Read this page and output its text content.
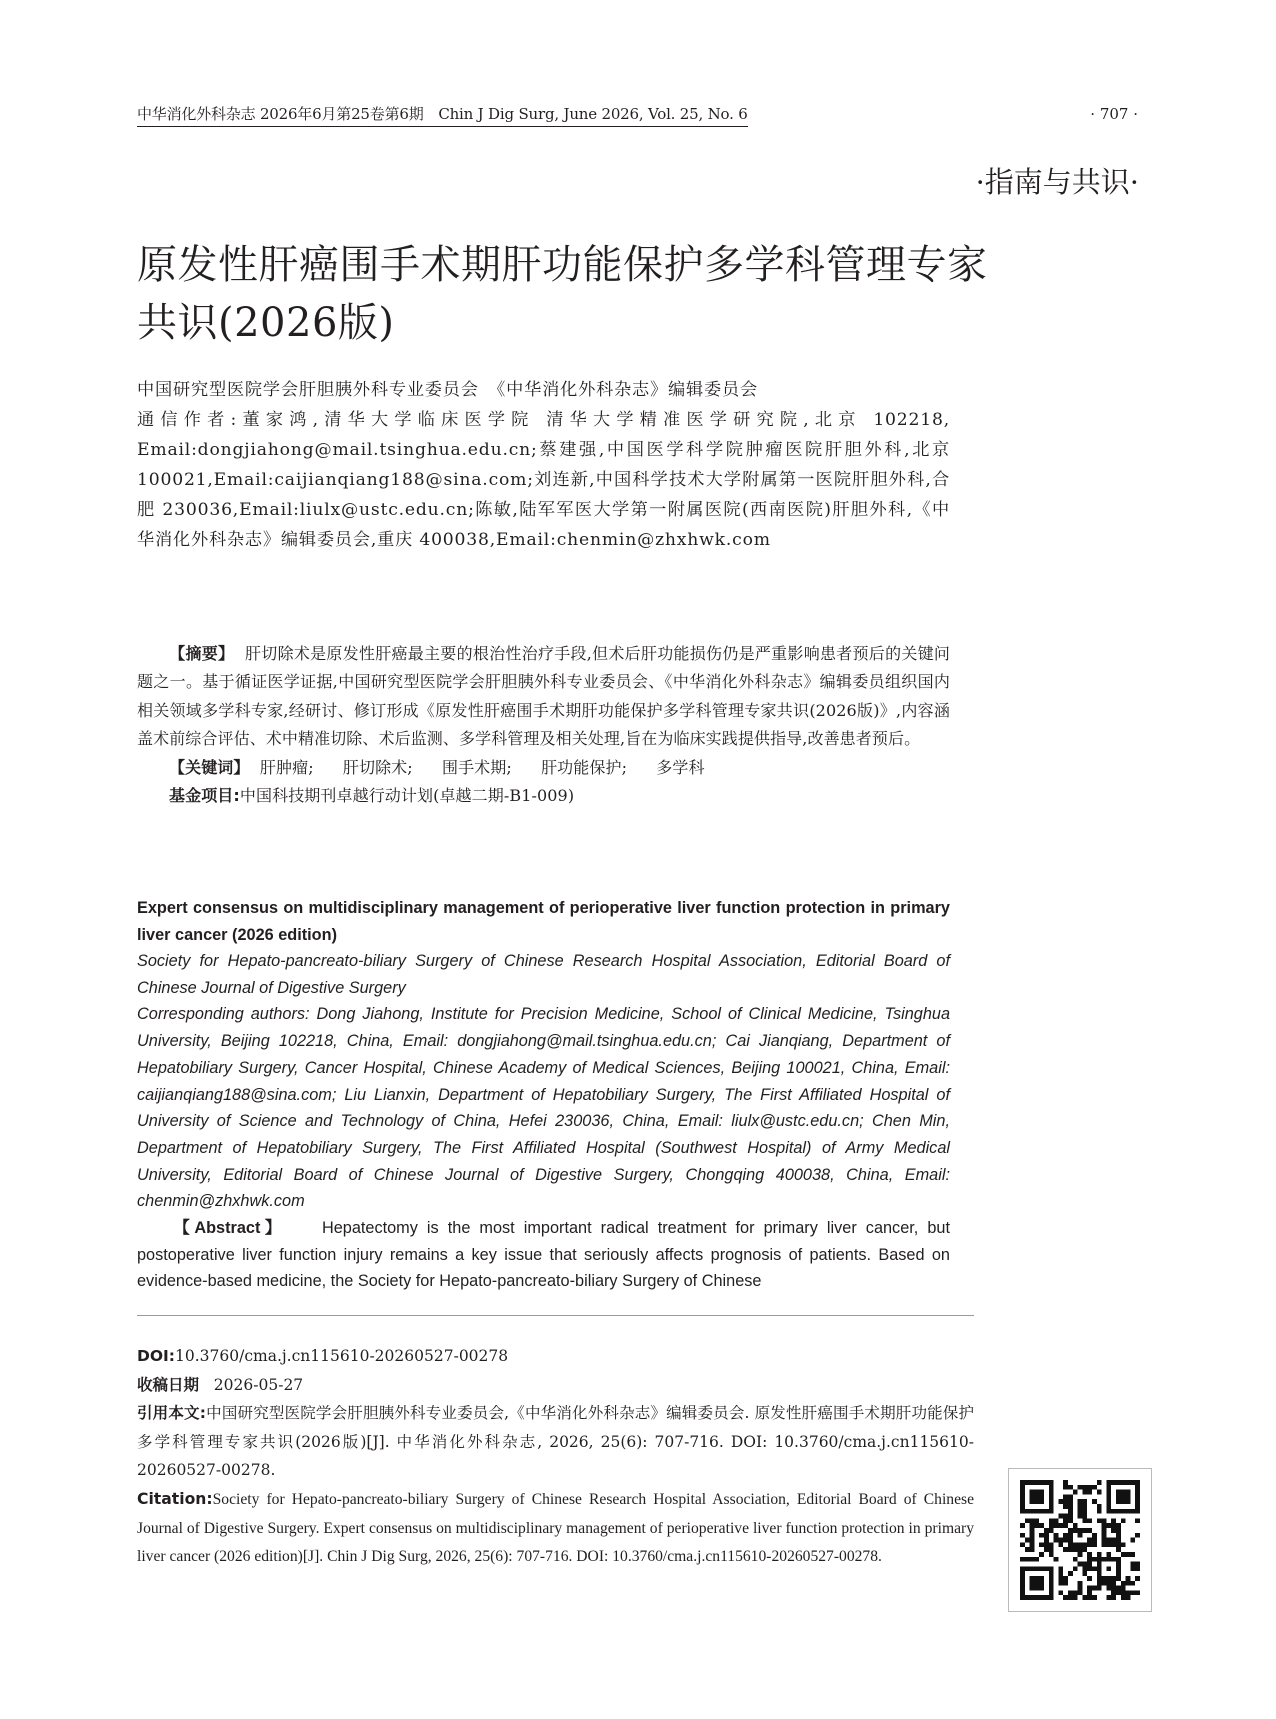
中华消化外科杂志 2026年6月第25卷第6期　Chin J Dig Surg, June 2026, Vol. 25, No. 6	· 707 ·
·指南与共识·
原发性肝癌围手术期肝功能保护多学科管理专家共识(2026版)
中国研究型医院学会肝胆胰外科专业委员会　《中华消化外科杂志》编辑委员会
通信作者:董家鸿,清华大学临床医学院 清华大学精准医学研究院,北京 102218, Email:dongjiahong@mail.tsinghua.edu.cn;蔡建强,中国医学科学院肿瘤医院肝胆外科,北京 100021,Email:caijianqiang188@sina.com;刘连新,中国科学技术大学附属第一医院肝胆外科,合肥 230036,Email:liulx@ustc.edu.cn;陈敏,陆军军医大学第一附属医院(西南医院)肝胆外科,《中华消化外科杂志》编辑委员会,重庆 400038,Email:chenmin@zhxhwk.com
【摘要】 肝切除术是原发性肝癌最主要的根治性治疗手段,但术后肝功能损伤仍是严重影响患者预后的关键问题之一。基于循证医学证据,中国研究型医院学会肝胆胰外科专业委员会、《中华消化外科杂志》编辑委员组织国内相关领域多学科专家,经研讨、修订形成《原发性肝癌围手术期肝功能保护多学科管理专家共识(2026版)》,内容涵盖术前综合评估、术中精准切除、术后监测、多学科管理及相关处理,旨在为临床实践提供指导,改善患者预后。
【关键词】 肝肿瘤; 肝切除术; 围手术期; 肝功能保护; 多学科
基金项目:中国科技期刊卓越行动计划(卓越二期-B1-009)
Expert consensus on multidisciplinary management of perioperative liver function protection in primary liver cancer (2026 edition)
Society for Hepato-pancreato-biliary Surgery of Chinese Research Hospital Association, Editorial Board of Chinese Journal of Digestive Surgery
Corresponding authors: Dong Jiahong, Institute for Precision Medicine, School of Clinical Medicine, Tsinghua University, Beijing 102218, China, Email: dongjiahong@mail.tsinghua.edu.cn; Cai Jianqiang, Department of Hepatobiliary Surgery, Cancer Hospital, Chinese Academy of Medical Sciences, Beijing 100021, China, Email: caijianqiang188@sina.com; Liu Lianxin, Department of Hepatobiliary Surgery, The First Affiliated Hospital of University of Science and Technology of China, Hefei 230036, China, Email: liulx@ustc.edu.cn; Chen Min, Department of Hepatobiliary Surgery, The First Affiliated Hospital (Southwest Hospital) of Army Medical University, Editorial Board of Chinese Journal of Digestive Surgery, Chongqing 400038, China, Email: chenmin@zhxhwk.com
【Abstract】 Hepatectomy is the most important radical treatment for primary liver cancer, but postoperative liver function injury remains a key issue that seriously affects prognosis of patients. Based on evidence-based medicine, the Society for Hepato-pancreato-biliary Surgery of Chinese
DOI:10.3760/cma.j.cn115610-20260527-00278
收稿日期 2026-05-27
引用本文:中国研究型医院学会肝胆胰外科专业委员会,《中华消化外科杂志》编辑委员会. 原发性肝癌围手术期肝功能保护多学科管理专家共识(2026版)[J]. 中华消化外科杂志, 2026, 25(6): 707-716. DOI: 10.3760/cma.j.cn115610-20260527-00278.
Citation:Society for Hepato-pancreato-biliary Surgery of Chinese Research Hospital Association, Editorial Board of Chinese Journal of Digestive Surgery. Expert consensus on multidisciplinary management of perioperative liver function protection in primary liver cancer (2026 edition)[J]. Chin J Dig Surg, 2026, 25(6): 707-716. DOI: 10.3760/cma.j.cn115610-20260527-00278.
